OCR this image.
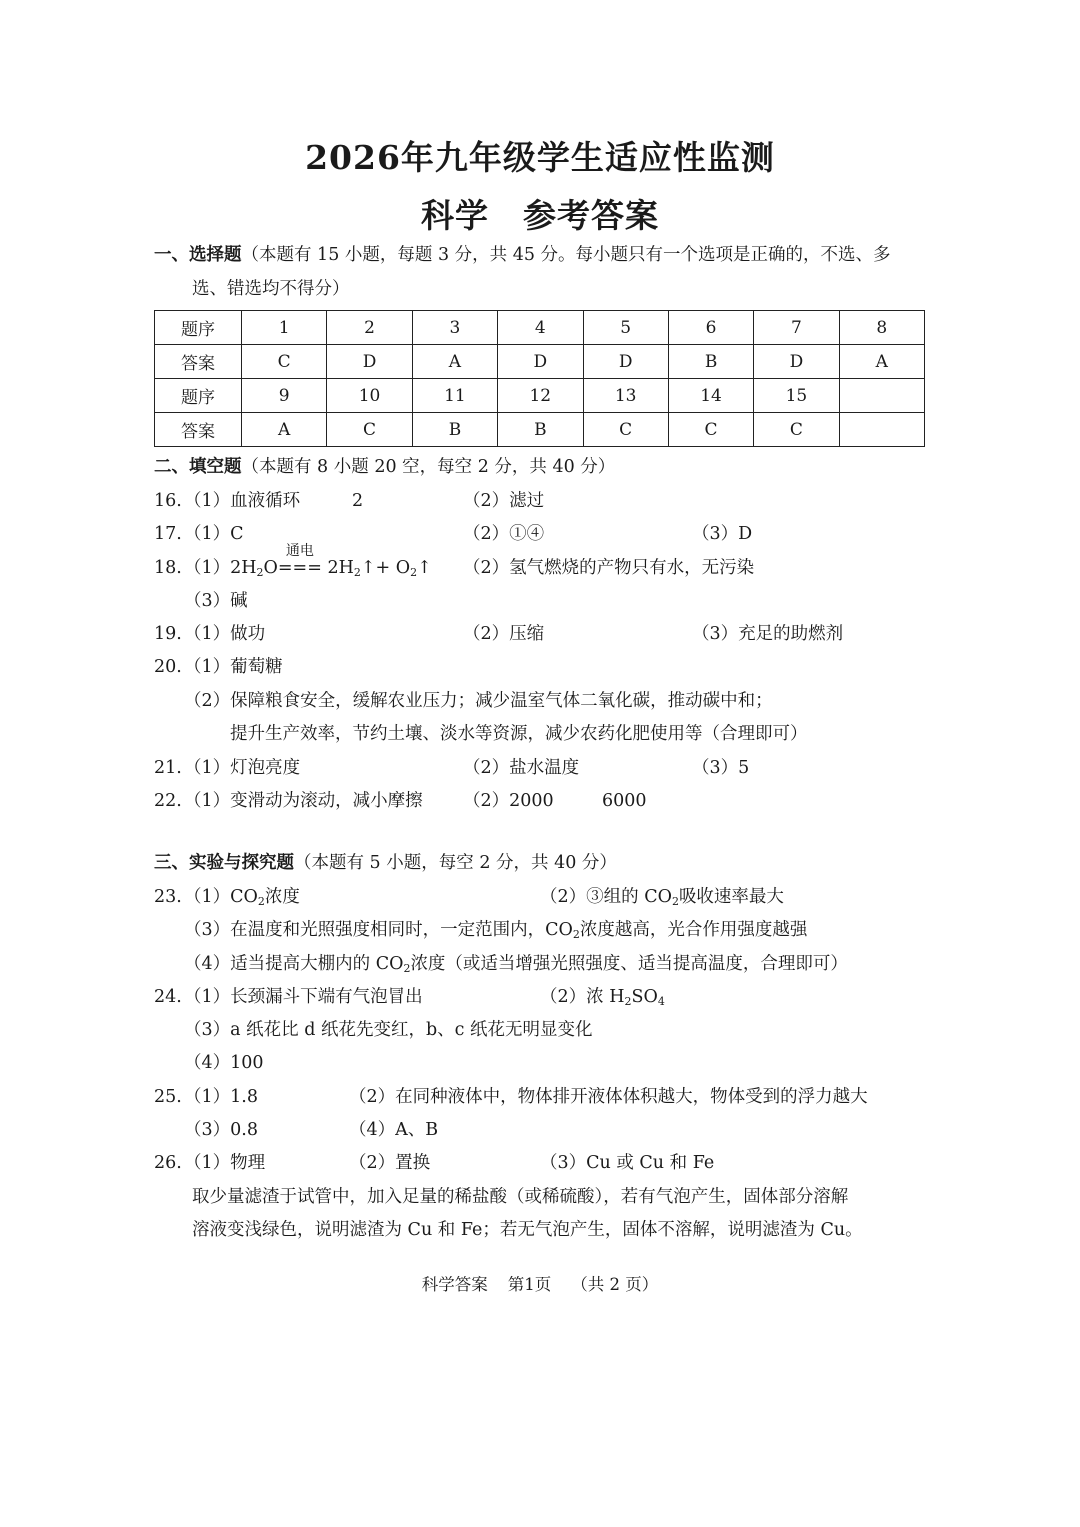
2026年九年级学生适应性监测
科学 参考答案
一、选择题（本题有 15 小题，每题 3 分，共 45 分。每小题只有一个选项是正确的，不选、多
选、错选均不得分）
题序	1	2	3	4	5	6	7	8
答案	C	D	A	D	D	B	D	A
题序	9	10	11	12	13	14	15	
答案	A	C	B	B	C	C	C	
二、填空题（本题有 8 小题 20 空，每空 2 分，共 40 分）
16. （1）血液循环	2	（2）滤过
17. （1）C	（2）①④	（3）D
18. $(1)2H_2O$
通电
=== $2H_2↑+$ $O_2↑$ （2）氢气燃烧的产物只有水，无污染
（3）碱
19. （1）做功	（2）压缩	（3）充足的助燃剂
20. （1）葡萄糖
（2）保障粮食安全，缓解农业压力；减少温室气体二氧化碳，推动碳中和；
提升生产效率，节约土壤、淡水等资源，减少农药化肥使用等（合理即可）
21. （1）灯泡亮度	（2）盐水温度	（3）5
22. （1）变滑动为滚动，减小摩擦 （2）2000	6000
三、实验与探究题（本题有 5 小题，每空 2 分，共 40 分）
23. $(1)CO_2$浓度	（2）③组的 $CO_2$吸收速率最大
（3）在温度和光照强度相同时，一定范围内，$CO_2$浓度越高，光合作用强度越强
（4）适当提高大棚内的 $CO_2$浓度（或适当增强光照强度、适当提高温度，合理即可）
24. （1）长颈漏斗下端有气泡冒出	（2）浓 $H_2SO_4$
（3）a 纸花比 d 纸花先变红，b、c 纸花无明显变化
（4）100
25. （1）1.8	（2）在同种液体中，物体排开液体体积越大，物体受到的浮力越大
（3）0.8	（4）A、B
26. （1）物理	（2）置换	（3）Cu 或 Cu 和 Fe
取少量滤渣于试管中，加入足量的稀盐酸（或稀硫酸），若有气泡产生，固体部分溶解
溶液变浅绿色，说明滤渣为 Cu 和 Fe；若无气泡产生，固体不溶解，说明滤渣为 Cu。
科学答案 第1页 （共 2 页）
